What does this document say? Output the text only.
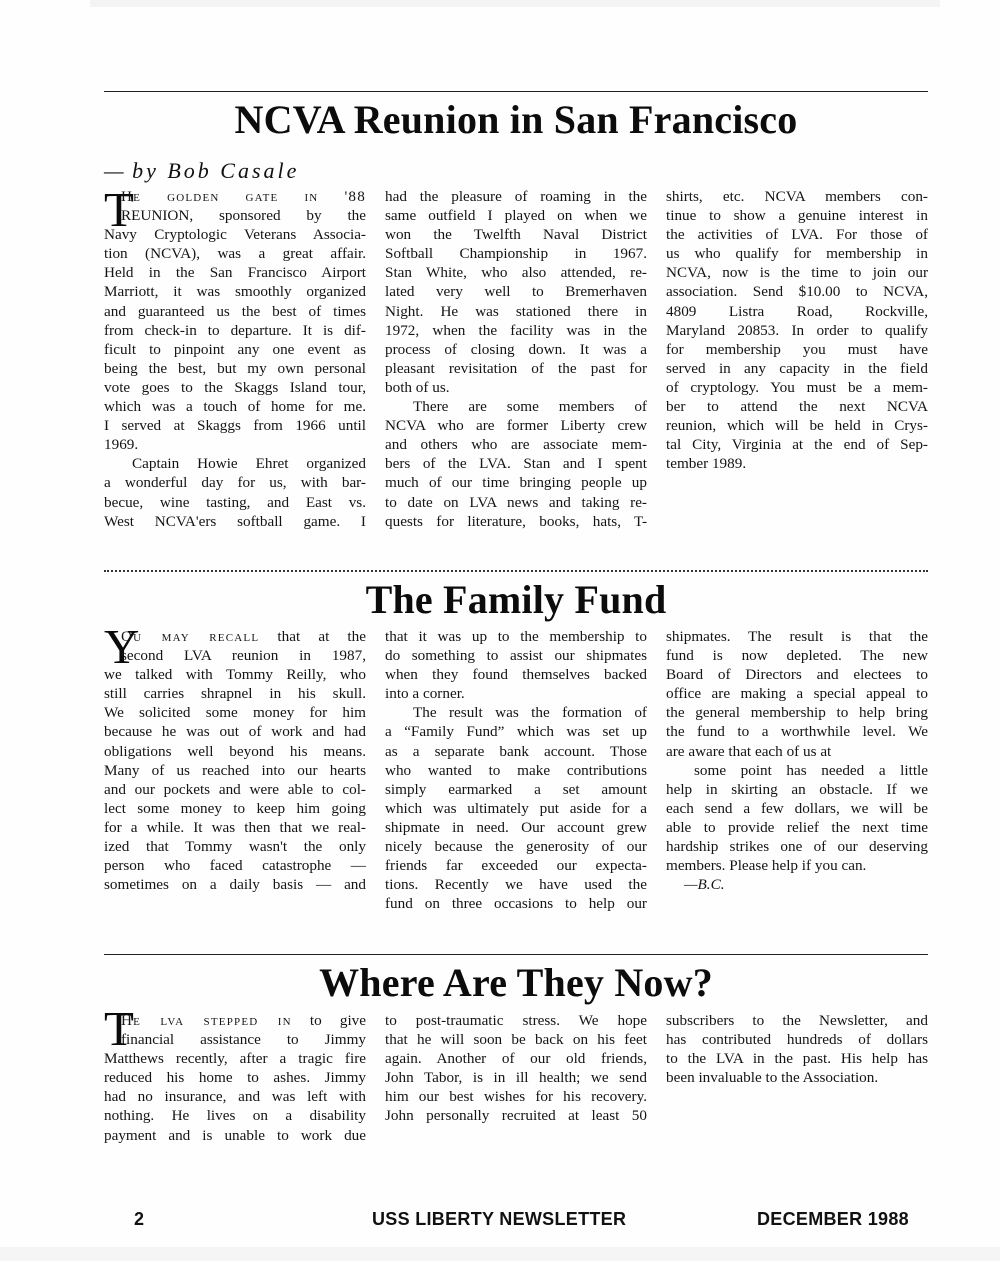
NCVA Reunion in San Francisco
— by Bob Casale
T
He golden gate in '88
REUNION, sponsored by the
Navy Cryptologic Veterans Associa-
tion (NCVA), was a great affair.
Held in the San Francisco Airport
Marriott, it was smoothly organized
and guaranteed us the best of times
from check-in to departure. It is dif-
ficult to pinpoint any one event as
being the best, but my own personal
vote goes to the Skaggs Island tour,
which was a touch of home for me.
I served at Skaggs from 1966 until
1969.
Captain Howie Ehret organized
a wonderful day for us, with bar-
becue, wine tasting, and East vs.
West NCVA'ers softball game. I
had the pleasure of roaming in the
same outfield I played on when we
won the Twelfth Naval District
Softball Championship in 1967.
Stan White, who also attended, re-
lated very well to Bremerhaven
Night. He was stationed there in
1972, when the facility was in the
process of closing down. It was a
pleasant revisitation of the past for
both of us.
There are some members of
NCVA who are former Liberty crew
and others who are associate mem-
bers of the LVA. Stan and I spent
much of our time bringing people up
to date on LVA news and taking re-
quests for literature, books, hats, T-
shirts, etc. NCVA members con-
tinue to show a genuine interest in
the activities of LVA. For those of
us who qualify for membership in
NCVA, now is the time to join our
association. Send $10.00 to NCVA,
4809 Listra Road, Rockville,
Maryland 20853. In order to qualify
for membership you must have
served in any capacity in the field
of cryptology. You must be a mem-
ber to attend the next NCVA
reunion, which will be held in Crys-
tal City, Virginia at the end of Sep-
tember 1989.
The Family Fund
Y
Ou may recall that at the
second LVA reunion in 1987,
we talked with Tommy Reilly, who
still carries shrapnel in his skull.
We solicited some money for him
because he was out of work and had
obligations well beyond his means.
Many of us reached into our hearts
and our pockets and were able to col-
lect some money to keep him going
for a while. It was then that we real-
ized that Tommy wasn't the only
person who faced catastrophe —
sometimes on a daily basis — and
that it was up to the membership to
do something to assist our shipmates
when they found themselves backed
into a corner.
The result was the formation of
a “Family Fund” which was set up
as a separate bank account. Those
who wanted to make contributions
simply earmarked a set amount
which was ultimately put aside for a
shipmate in need. Our account grew
nicely because the generosity of our
friends far exceeded our expecta-
tions. Recently we have used the
fund on three occasions to help our
shipmates. The result is that the
fund is now depleted. The new
Board of Directors and electees to
office are making a special appeal to
the general membership to help bring
the fund to a worthwhile level. We
are aware that each of us at
some point has needed a little
help in skirting an obstacle. If we
each send a few dollars, we will be
able to provide relief the next time
hardship strikes one of our deserving
members. Please help if you can.
—B.C.
Where Are They Now?
T
He lva stepped in to give
financial assistance to Jimmy
Matthews recently, after a tragic fire
reduced his home to ashes. Jimmy
had no insurance, and was left with
nothing. He lives on a disability
payment and is unable to work due
to post-traumatic stress. We hope
that he will soon be back on his feet
again. Another of our old friends,
John Tabor, is in ill health; we send
him our best wishes for his recovery.
John personally recruited at least 50
subscribers to the Newsletter, and
has contributed hundreds of dollars
to the LVA in the past. His help has
been invaluable to the Association.
2	USS LIBERTY NEWSLETTER	DECEMBER 1988
